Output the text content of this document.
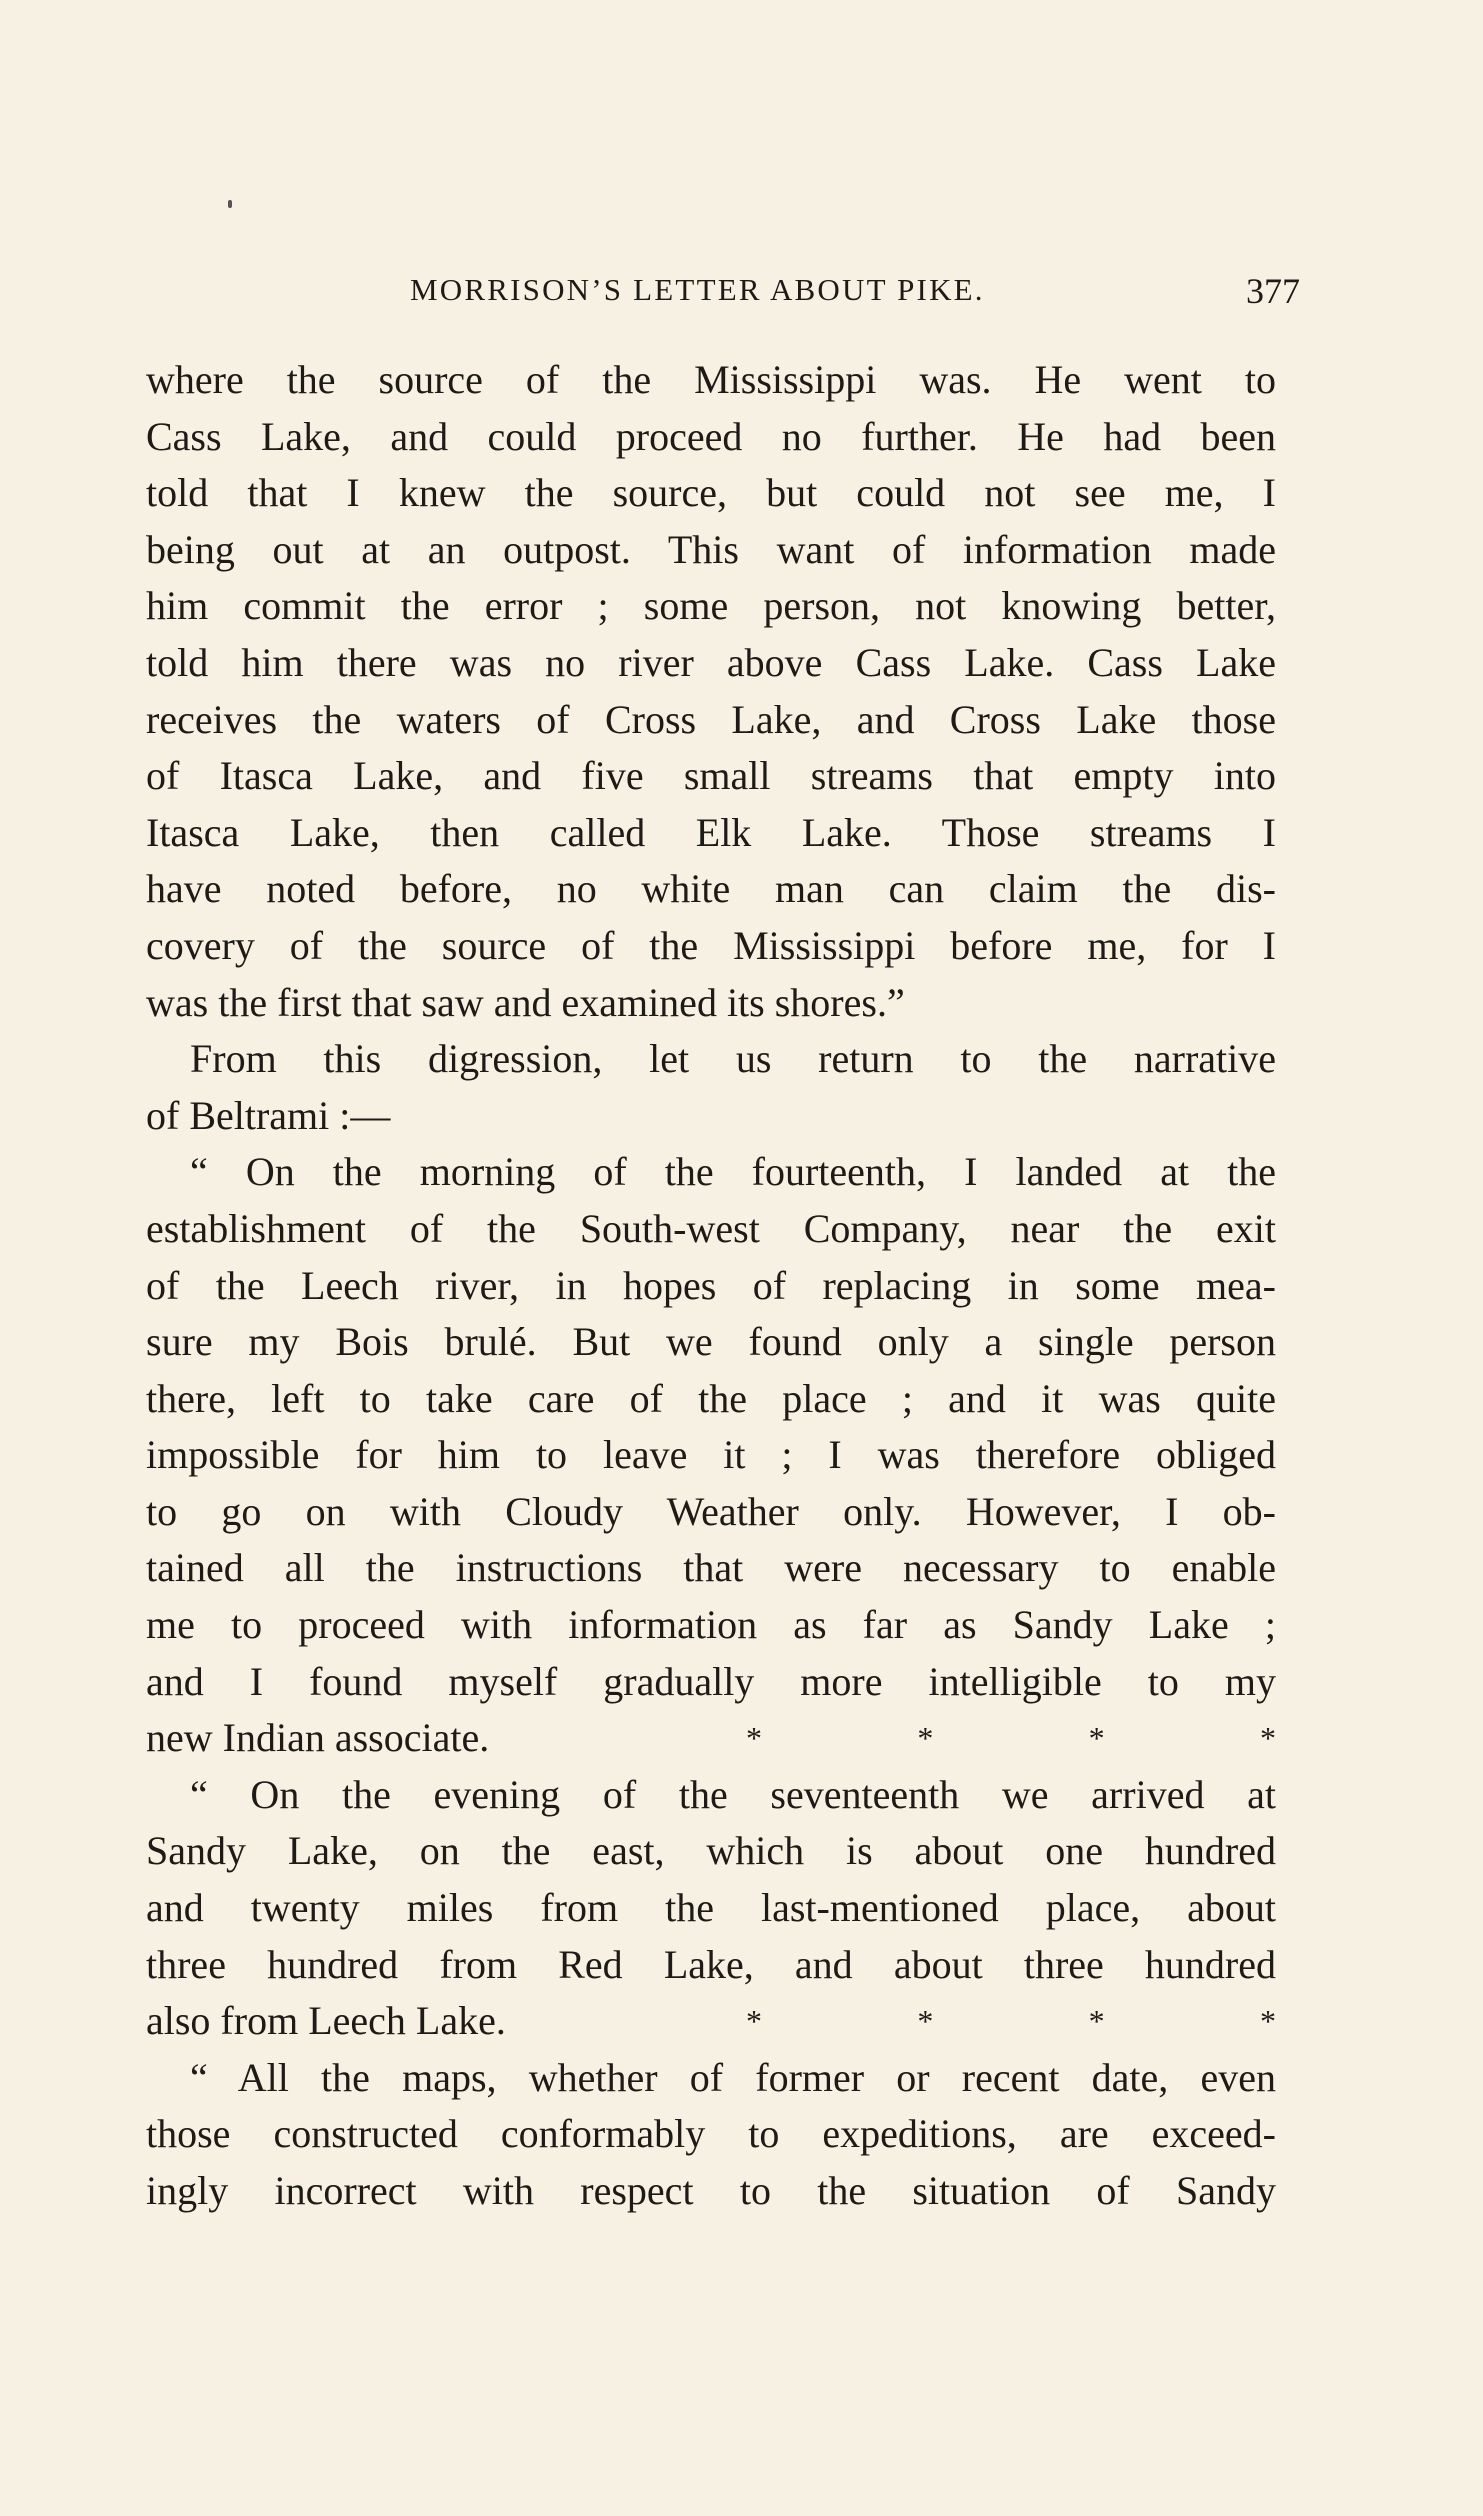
MORRISON’S LETTER ABOUT PIKE.	377
where the source of the Mississippi was. He went to
Cass Lake, and could proceed no further. He had been
told that I knew the source, but could not see me, I
being out at an outpost. This want of information made
him commit the error ; some person, not knowing better,
told him there was no river above Cass Lake. Cass Lake
receives the waters of Cross Lake, and Cross Lake those
of Itasca Lake, and five small streams that empty into
Itasca Lake, then called Elk Lake. Those streams I
have noted before, no white man can claim the dis-
covery of the source of the Mississippi before me, for I
was the first that saw and examined its shores.”
From this digression, let us return to the narrative
of Beltrami :—
“ On the morning of the fourteenth, I landed at the
establishment of the South-west Company, near the exit
of the Leech river, in hopes of replacing in some mea-
sure my Bois brulé. But we found only a single person
there, left to take care of the place ; and it was quite
impossible for him to leave it ; I was therefore obliged
to go on with Cloudy Weather only. However, I ob-
tained all the instructions that were necessary to enable
me to proceed with information as far as Sandy Lake ;
and I found myself gradually more intelligible to my
new Indian associate.	*	*	*	*
“ On the evening of the seventeenth we arrived at
Sandy Lake, on the east, which is about one hundred
and twenty miles from the last-mentioned place, about
three hundred from Red Lake, and about three hundred
also from Leech Lake.	*	*	*	*
“ All the maps, whether of former or recent date, even
those constructed conformably to expeditions, are exceed-
ingly incorrect with respect to the situation of Sandy
